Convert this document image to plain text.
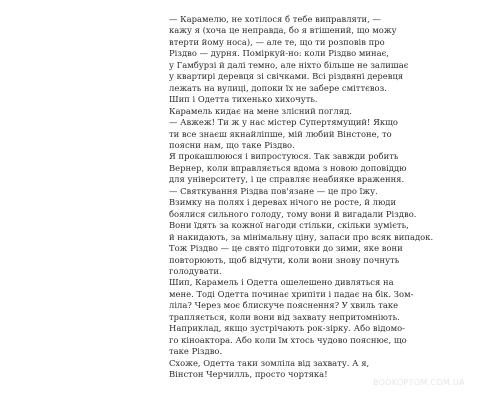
— Карамелю, не хотілося б тебе виправляти, —
кажу я (хоча це неправда, бо я втішений, що можу
втерти йому носа), — але те, що ти розповів про
Різдво — дурня. Поміркуй-но: коли Різдво минає,
у Гамбурзі й далі темно, але ніхто більше не залишає
у квартирі деревця зі свічками. Всі різдвяні деревця
лежать на вулиці, допоки їх не забере сміттєвоз.
Шип і Одетта тихенько хихочуть.
Карамель кидає на мене злісний погляд.
— Авжеж! Ти ж у нас містер Супертямущий! Якщо
ти все знаєш якнайліпше, мій любий Вінстоне, то
поясни нам, що таке Різдво.
Я прокашлююся і випростуюся. Так завжди робить
Вернер, коли вправляється вдома з новою доповіддю
для університету, і це справляє неабияке враження.
— Святкування Різдва пов'язане — це про їжу.
Взимку на полях і деревах нічого не росте, й люди
боялися сильного голоду, тому вони й вигадали Різдво.
Вони їдять за кожної нагоди стільки, скільки зумієть,
й накидають, за мінімальну ціну, запаси про всяк випадок.
Тож Різдво — це свято підготовки до зими, яке вони
повторюють, щоб відчути, коли вони знову почнуть
голодувати.
Шип, Карамель і Одетта ошелешено дивляться на
мене. Тоді Одетта починає хрипіти і падає на бік. Зом-
ліла? Через моє блискуче пояснення? У хвиль таке
трапляється, коли вони від захвату непритомніють.
Наприклад, якщо зустрічають рок-зірку. Або відомо-
го кіноактора. Або коли їм хтось чудово пояснює, що
таке Різдво.
Схоже, Одетта таки зомліла від захвату. А я,
Вінстон Черчилль, просто чортяка!
BOOKOPTOM.COM.UA
